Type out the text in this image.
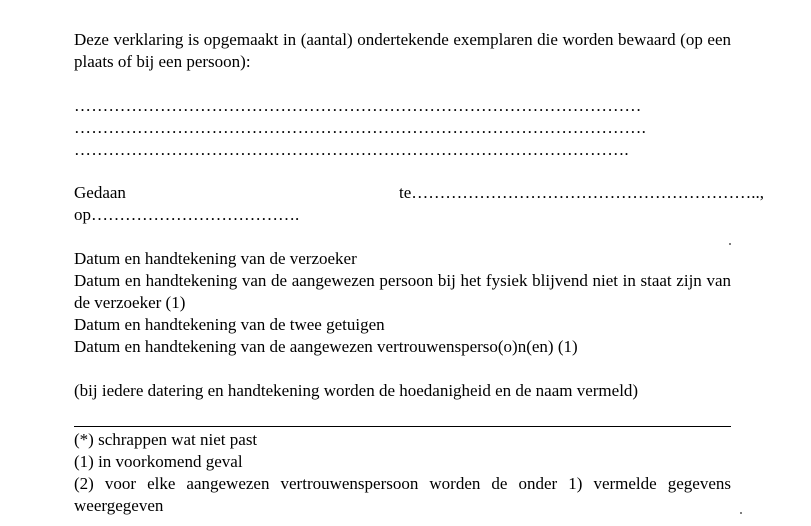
Deze verklaring is opgemaakt in (aantal) ondertekende exemplaren die worden bewaard (op een plaats of bij een persoon):
………………………………………………………………………………………
……………………………………………………………………………………….
…………………………………………………………………………………….
Gedaan	te……………………………………………………..,
op……………………………….
Datum en handtekening van de verzoeker
Datum en handtekening van de aangewezen persoon bij het fysiek blijvend niet in staat zijn van de verzoeker (1)
Datum en handtekening van de twee getuigen
Datum en handtekening van de aangewezen vertrouwensperso(o)n(en) (1)
(bij iedere datering en handtekening worden de hoedanigheid en de naam vermeld)
(*) schrappen wat niet past
(1) in voorkomend geval
(2) voor elke aangewezen vertrouwenspersoon worden de onder 1) vermelde gegevens weergegeven
